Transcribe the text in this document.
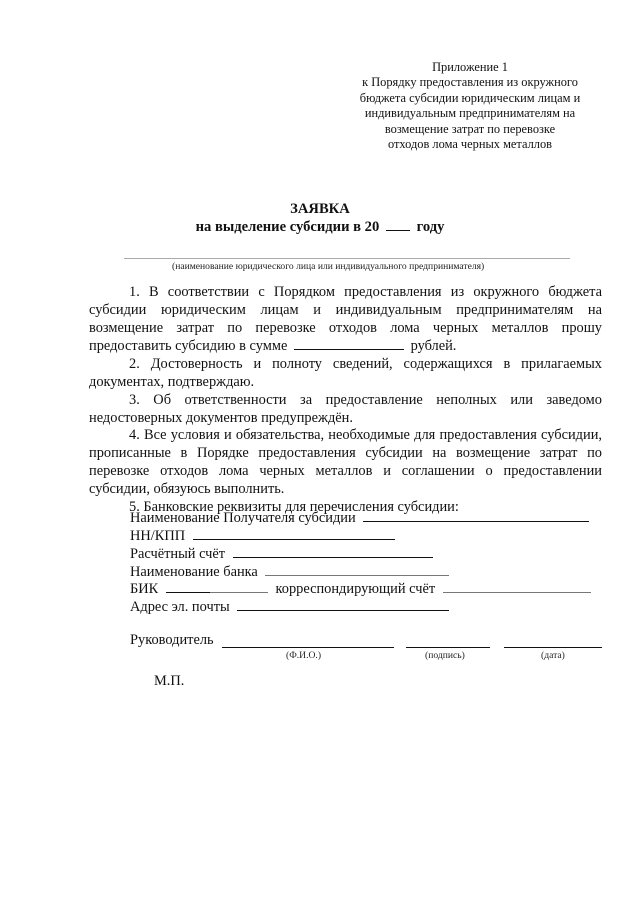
Приложение 1
к Порядку предоставления из окружного
бюджета субсидии юридическим лицам и
индивидуальным предпринимателям на
возмещение затрат по перевозке
отходов лома черных металлов
ЗАЯВКА
на выделение субсидии в 20	году
(наименование юридического лица или индивидуального предпринимателя)
1. В соответствии с Порядком предоставления из окружного бюджета
субсидии юридическим лицам и индивидуальным предпринимателям на
возмещение затрат по перевозке отходов лома черных металлов прошу
предоставить субсидию в сумме	рублей.

2. Достоверность и полноту сведений, содержащихся в прилагаемых документах, подтверждаю.

3. Об ответственности за предоставление неполных или заведомо недостоверных документов предупреждён.

4. Все условия и обязательства, необходимые для предоставления субсидии, прописанные в Порядке предоставления субсидии на возмещение затрат по перевозке отходов лома черных металлов и соглашении о предоставлении субсидии, обязуюсь выполнить.

5. Банковские реквизиты для перечисления субсидии:

Наименование Получателя субсидии
НН/КПП
Расчётный счёт
Наименование банка
БИК	корреспондирующий счёт
Адрес эл. почты
Руководитель
(Ф.И.О.)	(подпись)	(дата)
М.П.
